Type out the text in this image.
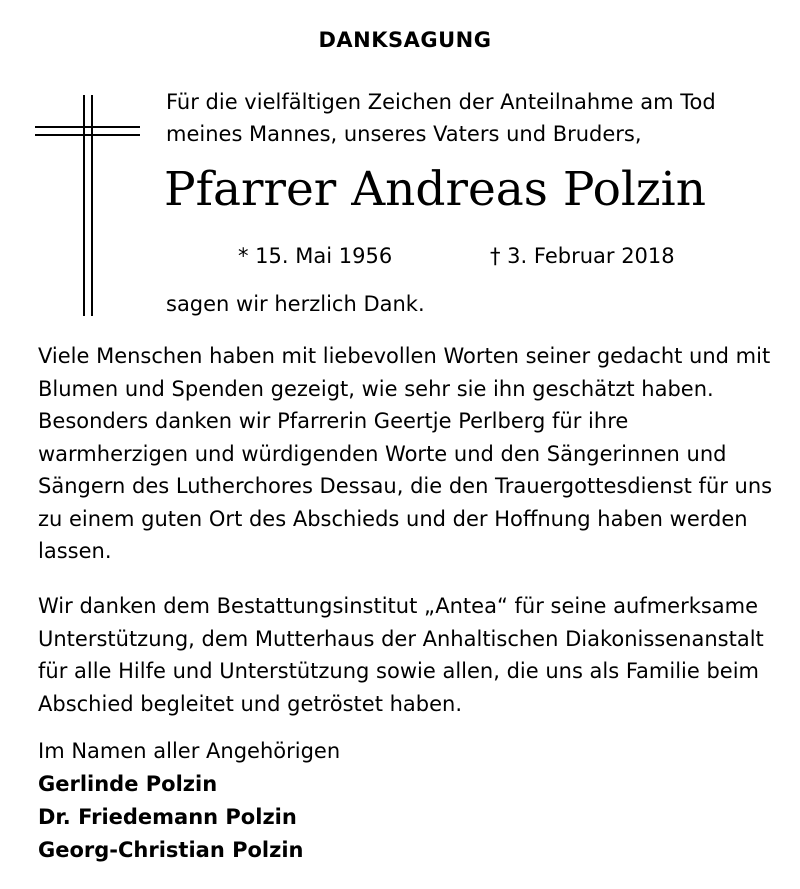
DANKSAGUNG
Für die vielfältigen Zeichen der Anteilnahme am Tod meines Mannes, unseres Vaters und Bruders,
Pfarrer Andreas Polzin
* 15. Mai 1956	† 3. Februar 2018
sagen wir herzlich Dank.

Viele Menschen haben mit liebevollen Worten seiner gedacht und mit Blumen und Spenden gezeigt, wie sehr sie ihn geschätzt haben. Besonders danken wir Pfarrerin Geertje Perlberg für ihre warmherzigen und würdigenden Worte und den Sängerinnen und Sängern des Lutherchores Dessau, die den Trauergottesdienst für uns zu einem guten Ort des Abschieds und der Hoffnung haben werden lassen.

Wir danken dem Bestattungsinstitut „Antea“ für seine aufmerksame Unterstützung, dem Mutterhaus der Anhaltischen Diakonissenanstalt für alle Hilfe und Unterstützung sowie allen, die uns als Familie beim Abschied begleitet und getröstet haben.

Im Namen aller Angehörigen
Gerlinde Polzin
Dr. Friedemann Polzin
Georg-Christian Polzin
